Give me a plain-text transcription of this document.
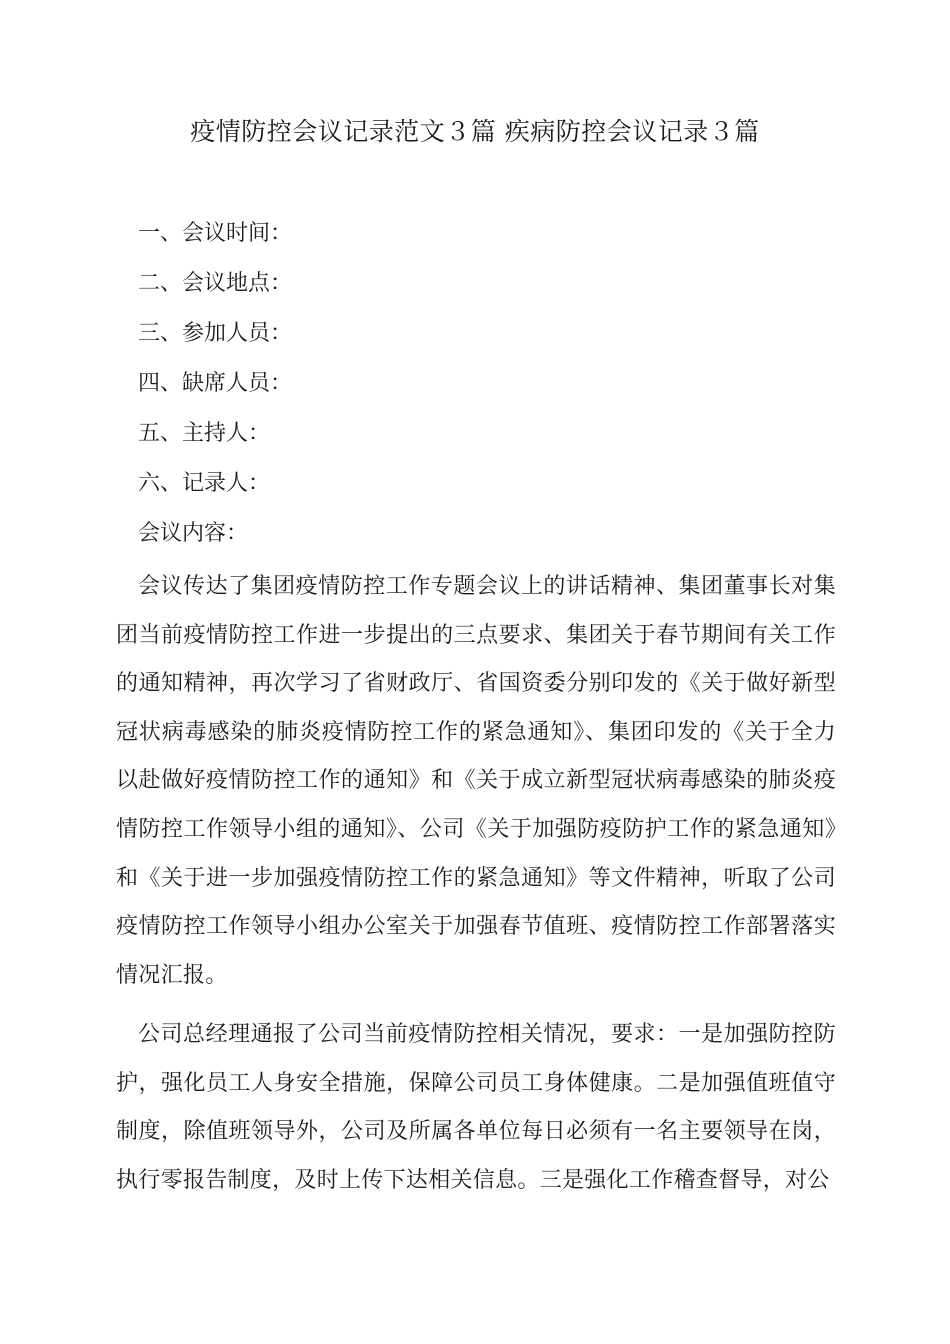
疫情防控会议记录范文３篇 疾病防控会议记录３篇
一、会议时间：
二、会议地点：
三、参加人员：
四、缺席人员：
五、主持人：
六、记录人：

会议内容：

会议传达了集团疫情防控工作专题会议上的讲话精神、集团董事长对集团当前疫情防控工作进一步提出的三点要求、集团关于春节期间有关工作的通知精神，再次学习了省财政厅、省国资委分别印发的《关于做好新型冠状病毒感染的肺炎疫情防控工作的紧急通知》、集团印发的《关于全力以赴做好疫情防控工作的通知》和《关于成立新型冠状病毒感染的肺炎疫情防控工作领导小组的通知》、公司《关于加强防疫防护工作的紧急通知》和《关于进一步加强疫情防控工作的紧急通知》等文件精神，听取了公司疫情防控工作领导小组办公室关于加强春节值班、疫情防控工作部署落实情况汇报。

公司总经理通报了公司当前疫情防控相关情况，要求：一是加强防控防护，强化员工人身安全措施，保障公司员工身体健康。二是加强值班值守制度，除值班领导外，公司及所属各单位每日必须有一名主要领导在岗，执行零报告制度，及时上传下达相关信息。三是强化工作稽查督导，对公
